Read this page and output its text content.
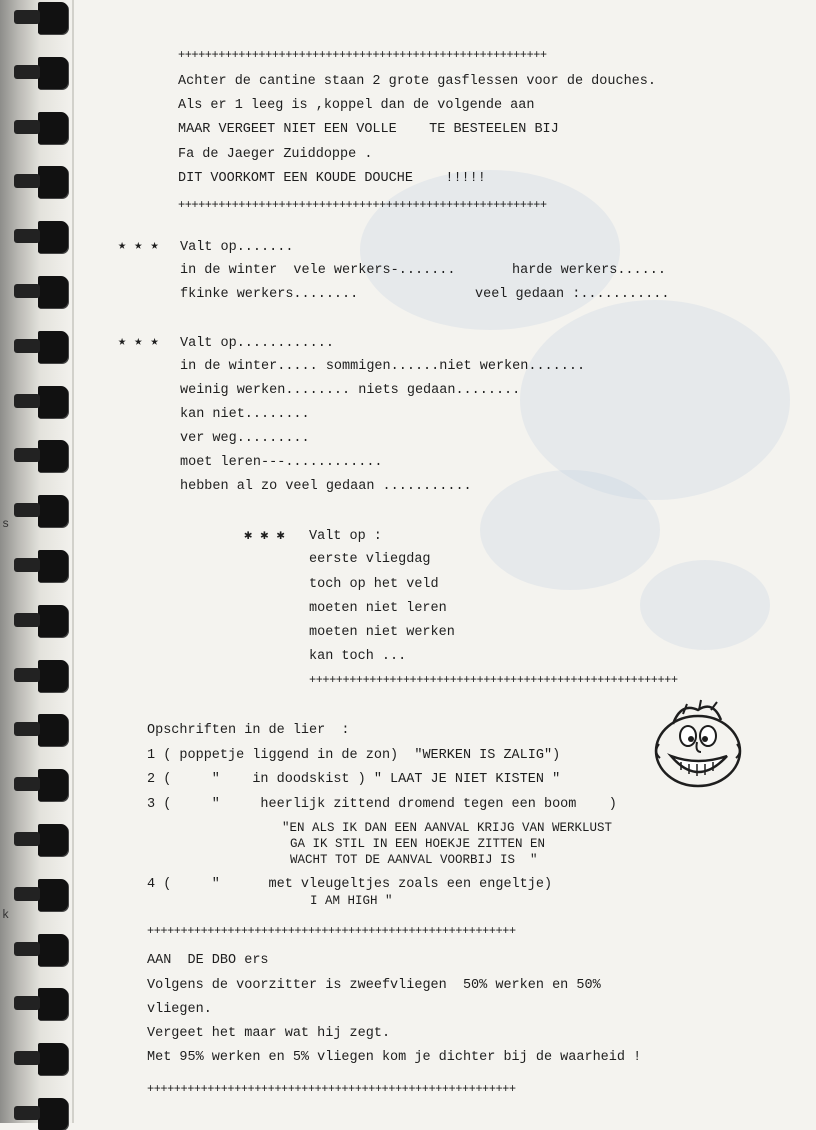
s
k
+++++++++++++++++++++++++++++++++++++++++++++++++++++++
Achter de cantine staan 2 grote gasflessen voor de douches.
Als er 1 leeg is ,koppel dan de volgende aan
MAAR VERGEET NIET EEN VOLLE    TE BESTEELEN BIJ
Fa de Jaeger Zuiddoppe .
DIT VOORKOMT EEN KOUDE DOUCHE    !!!!!
+++++++++++++++++++++++++++++++++++++++++++++++++++++++
★ ★ ★ Valt op.......
in de winter  vele werkers-.......	harde werkers......
fkinke werkers........	veel gedaan :...........
★ ★ ★ Valt op............
in de winter..... sommigen......niet werken.......
weinig werken........ niets gedaan........
kan niet........
ver weg.........
moet leren---............
hebben al zo veel gedaan ...........
✱ ✱ ✱ Valt op :
eerste vliegdag
toch op het veld
moeten niet leren
moeten niet werken
kan toch ...
+++++++++++++++++++++++++++++++++++++++++++++++++++++++
Opschriften in de lier  :
1 ( poppetje liggend in de zon)  "WERKEN IS ZALIG")
2 (     "    in doodskist ) " LAAT JE NIET KISTEN "
3 (     "     heerlijk zittend dromend tegen een boom    )
"EN ALS IK DAN EEN AANVAL KRIJG VAN WERKLUST
GA IK STIL IN EEN HOEKJE ZITTEN EN
WACHT TOT DE AANVAL VOORBIJ IS  "
4 (     "      met vleugeltjes zoals een engeltje)
I AM HIGH "
+++++++++++++++++++++++++++++++++++++++++++++++++++++++
AAN  DE DBO ers
Volgens de voorzitter is zweefvliegen  50% werken en 50%
vliegen.
Vergeet het maar wat hij zegt.
Met 95% werken en 5% vliegen kom je dichter bij de waarheid !
+++++++++++++++++++++++++++++++++++++++++++++++++++++++
